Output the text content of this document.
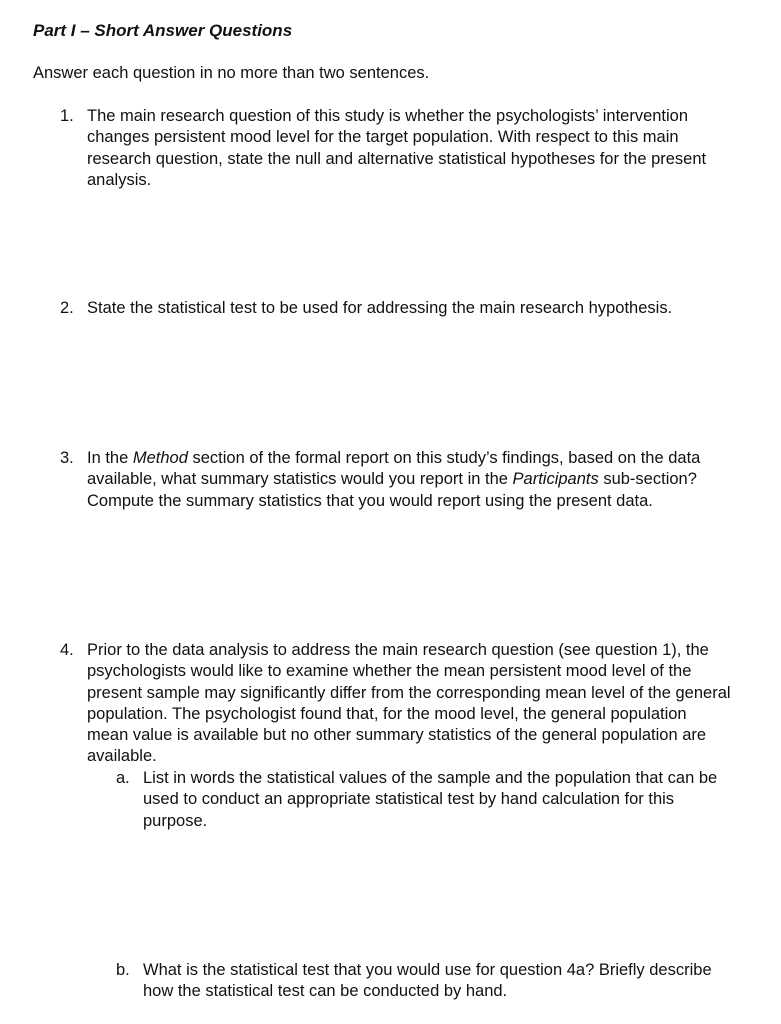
Part I – Short Answer Questions

Answer each question in no more than two sentences.

1. The main research question of this study is whether the psychologists’ intervention changes persistent mood level for the target population. With respect to this main research question, state the null and alternative statistical hypotheses for the present analysis.
2. State the statistical test to be used for addressing the main research hypothesis.
3. In the Method section of the formal report on this study’s findings, based on the data available, what summary statistics would you report in the Participants sub-section? Compute the summary statistics that you would report using the present data.
4. Prior to the data analysis to address the main research question (see question 1), the psychologists would like to examine whether the mean persistent mood level of the present sample may significantly differ from the corresponding mean level of the general population. The psychologist found that, for the mood level, the general population mean value is available but no other summary statistics of the general population are available.
a. List in words the statistical values of the sample and the population that can be used to conduct an appropriate statistical test by hand calculation for this purpose.
b. What is the statistical test that you would use for question 4a? Briefly describe how the statistical test can be conducted by hand.
